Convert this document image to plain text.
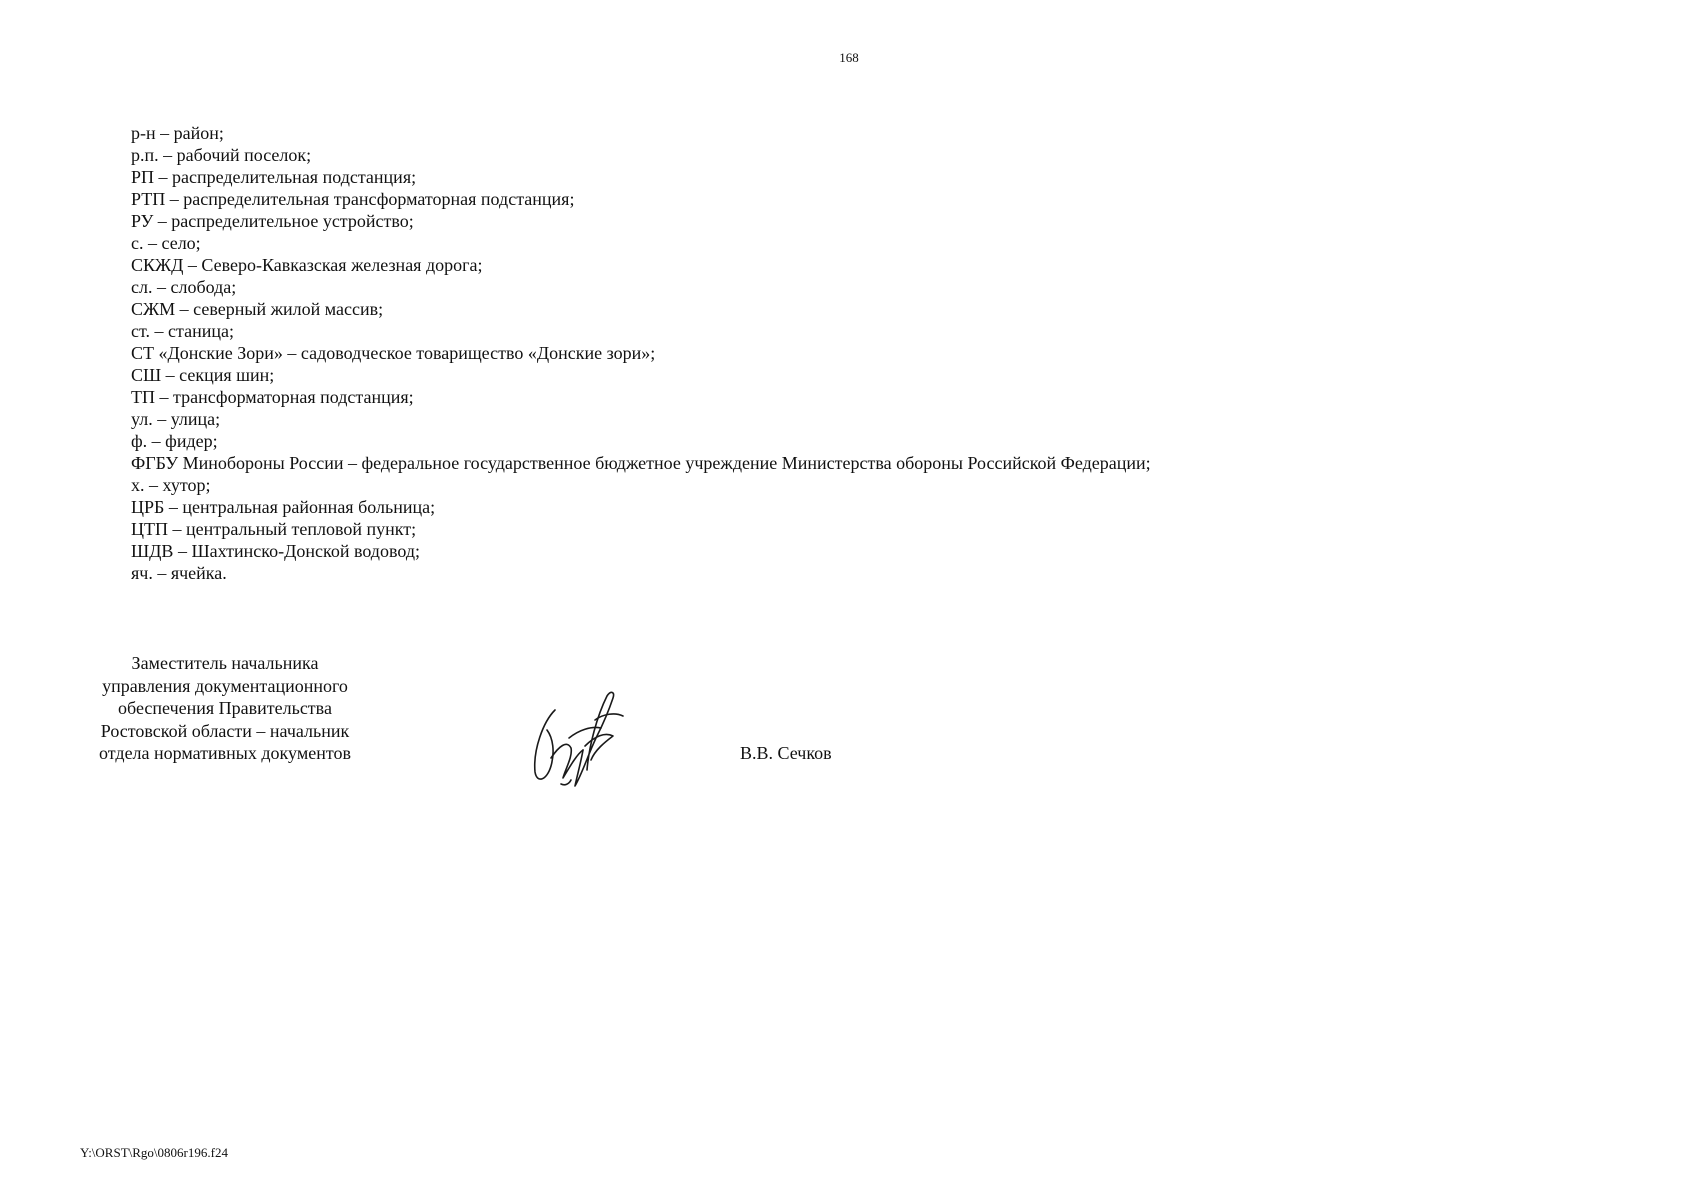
168
р-н – район;
р.п. – рабочий поселок;
РП – распределительная подстанция;
РТП – распределительная трансформаторная подстанция;
РУ – распределительное устройство;
с. – село;
СКЖД – Северо-Кавказская железная дорога;
сл. – слобода;
СЖМ – северный жилой массив;
ст. – станица;
СТ «Донские Зори» – садоводческое товарищество «Донские зори»;
СШ – секция шин;
ТП – трансформаторная подстанция;
ул. – улица;
ф. – фидер;
ФГБУ Минобороны России – федеральное государственное бюджетное учреждение Министерства обороны Российской Федерации;
х. – хутор;
ЦРБ – центральная районная больница;
ЦТП – центральный тепловой пункт;
ШДВ – Шахтинско-Донской водовод;
яч. – ячейка.
Заместитель начальника
управления документационного
обеспечения Правительства
Ростовской области – начальник
отдела нормативных документов	В.В. Сечков
Y:\ORST\Rgo\0806r196.f24
